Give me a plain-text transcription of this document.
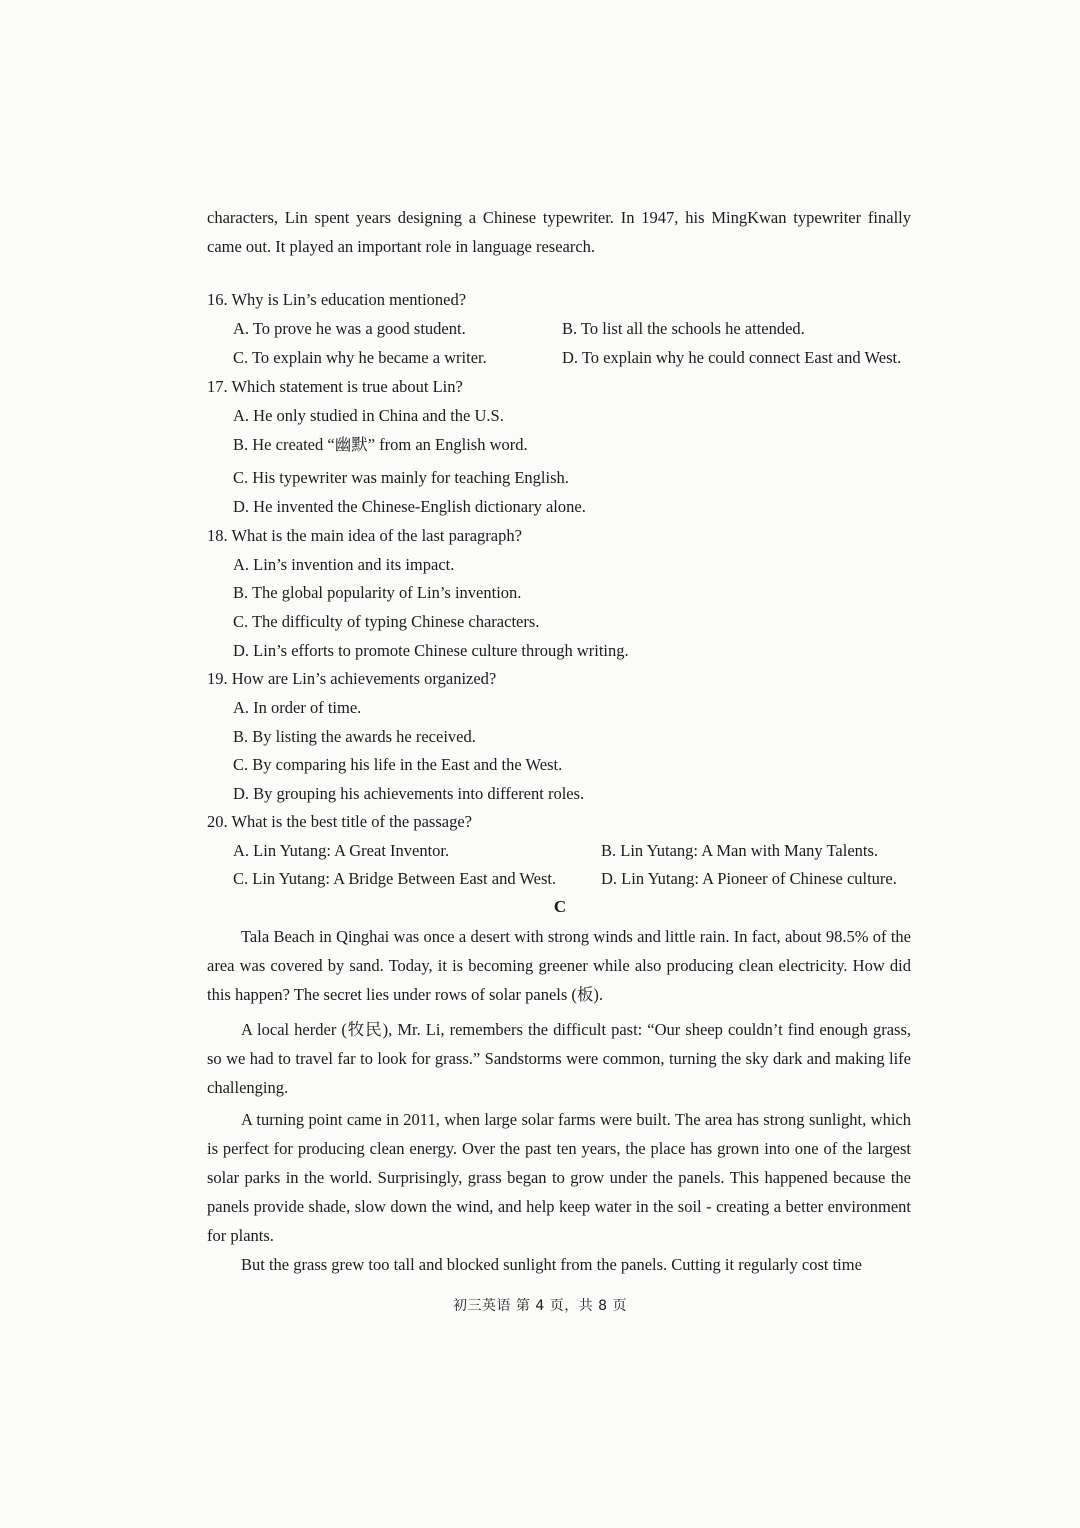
characters, Lin spent years designing a Chinese typewriter. In 1947, his MingKwan typewriter finally came out. It played an important role in language research.
16. Why is Lin’s education mentioned?
A. To prove he was a good student.	B. To list all the schools he attended.
C. To explain why he became a writer.	D. To explain why he could connect East and West.
17. Which statement is true about Lin?
A. He only studied in China and the U.S.
B. He created “幽默” from an English word.
C. His typewriter was mainly for teaching English.
D. He invented the Chinese-English dictionary alone.
18. What is the main idea of the last paragraph?
A. Lin’s invention and its impact.
B. The global popularity of Lin’s invention.
C. The difficulty of typing Chinese characters.
D. Lin’s efforts to promote Chinese culture through writing.
19. How are Lin’s achievements organized?
A. In order of time.
B. By listing the awards he received.
C. By comparing his life in the East and the West.
D. By grouping his achievements into different roles.
20. What is the best title of the passage?
A. Lin Yutang: A Great Inventor.	B. Lin Yutang: A Man with Many Talents.
C. Lin Yutang: A Bridge Between East and West.	D. Lin Yutang: A Pioneer of Chinese culture.
C
Tala Beach in Qinghai was once a desert with strong winds and little rain. In fact, about 98.5% of the area was covered by sand. Today, it is becoming greener while also producing clean electricity. How did this happen? The secret lies under rows of solar panels (板).
A local herder (牧民), Mr. Li, remembers the difficult past: “Our sheep couldn’t find enough grass, so we had to travel far to look for grass.” Sandstorms were common, turning the sky dark and making life challenging.
A turning point came in 2011, when large solar farms were built. The area has strong sunlight, which is perfect for producing clean energy. Over the past ten years, the place has grown into one of the largest solar parks in the world. Surprisingly, grass began to grow under the panels. This happened because the panels provide shade, slow down the wind, and help keep water in the soil - creating a better environment for plants.
But the grass grew too tall and blocked sunlight from the panels. Cutting it regularly cost time
初三英语 第 4 页，共 8 页
